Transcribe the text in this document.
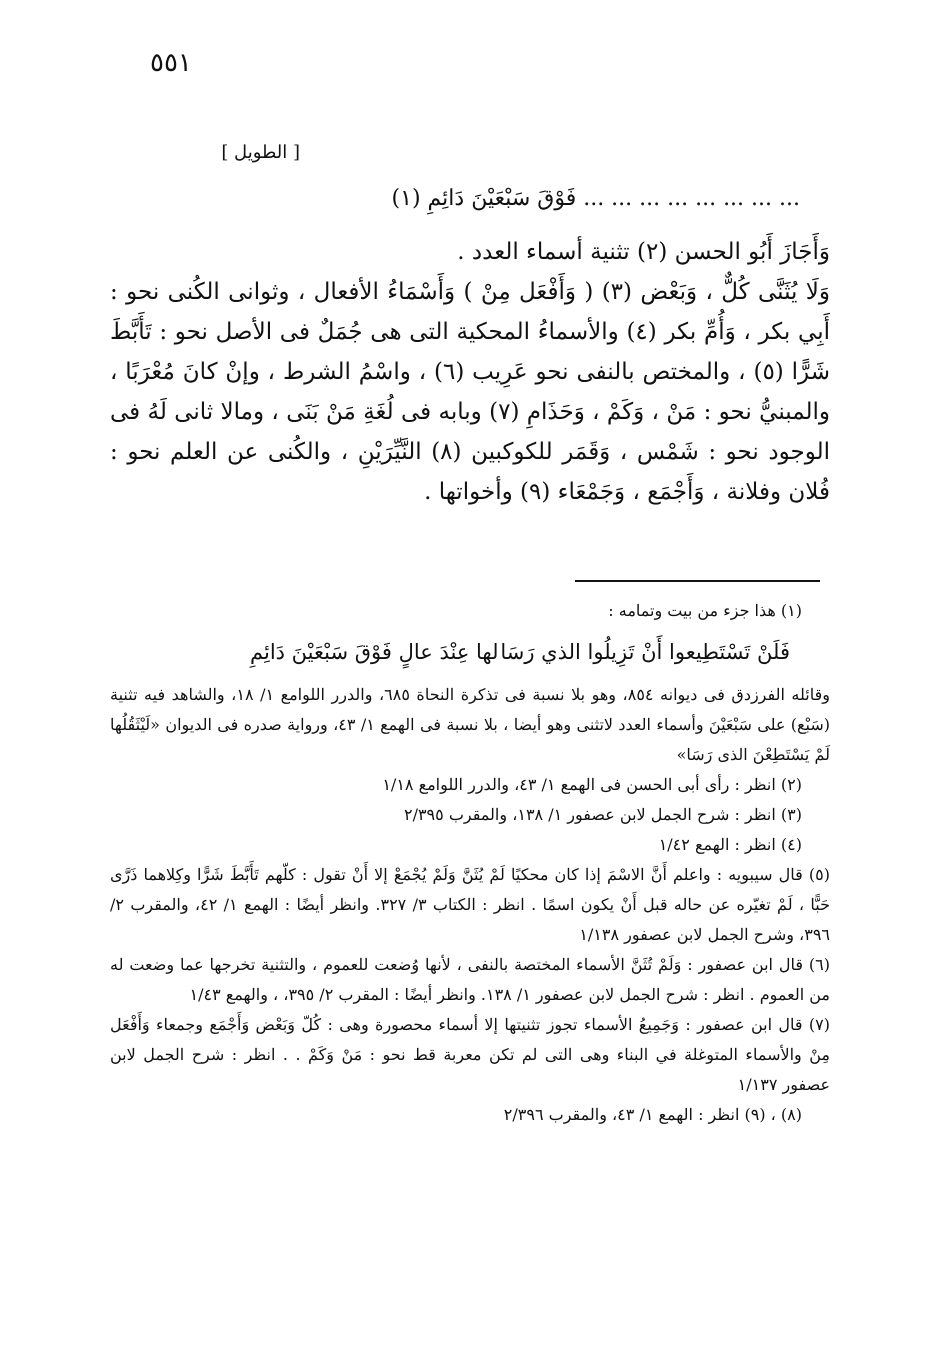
٥٥١
[ الطويل ]
... ... ... ... ... ... ... ... فَوْقَ سَبْعَيْنَ دَائِمِ (١)

وَأَجَازَ أَبُو الحسن (٢) تثنية أسماء العدد .

وَلَا يُثَنَّى كُلٌّ ، وَبَعْض (٣) ( وَأَفْعَل مِنْ ) وَأَسْمَاءُ الأفعال ، وثوانى الكُنى نحو : أَبِي بكر ، وَأُمِّ بكر (٤) والأسماءُ المحكية التى هى جُمَلٌ فى الأصل نحو : تَأَبَّطَ شَرًّا (٥) ، والمختص بالنفى نحو عَرِيب (٦) ، واسْمُ الشرط ، وإنْ كانَ مُعْرَبًا ، والمبنيُّ نحو : مَنْ ، وَكَمْ ، وَحَذَامِ (٧) وبابه فى لُغَةِ مَنْ بَنَى ، ومالا ثانى لَهُ فى الوجود نحو : شَمْس ، وَقَمَر للكوكبين (٨) النَّيِّرَيْنِ ، والكُنى عن العلم نحو : فُلان وفلانة ، وَأَجْمَع ، وَجَمْعَاء (٩) وأخواتها .

(١) هذا جزء من بيت وتمامه :

فَلَنْ تَسْتَطِيعوا أَنْ تَزِيلُوا الذي رَسَا
لها عِنْدَ عالٍ فَوْقَ سَبْعَيْنَ دَائِمِ

وقائله الفرزدق فى ديوانه ٨٥٤، وهو بلا نسبة فى تذكرة النحاة ٦٨٥، والدرر اللوامع ١/ ١٨، والشاهد فيه تثنية (سَبْع) على سَبْعَيْنَ وأسماء العدد لاتثنى وهو أيضا ، بلا نسبة فى الهمع ١/ ٤٣، ورواية صدره فى الديوان «لَيْثَقُلُها لَمْ يَسْتَطِعْنَ الذى رَسَا»

(٢) انظر : رأى أبى الحسن فى الهمع ١/ ٤٣، والدرر اللوامع ١/١٨

(٣) انظر : شرح الجمل لابن عصفور ١/ ١٣٨، والمقرب ٢/٣٩٥

(٤) انظر : الهمع ١/٤٢

(٥) قال سيبويه : واعلم أَنَّ الاسْمَ إذا كان محكيًا لَمْ يُثَنَّ وَلَمْ يُجْمَعْ إلا أَنْ تقول : كلّهم تَأَبَّطَ شَرًّا وكِلاهما ذَرَّى حَبًّا ، لَمْ تغيّره عن حاله قبل أَنْ يكون اسمًا . انظر : الكتاب ٣/ ٣٢٧. وانظر أيضًا : الهمع ١/ ٤٢، والمقرب ٢/ ٣٩٦، وشرح الجمل لابن عصفور ١/١٣٨

(٦) قال ابن عصفور : وَلَمْ تُثَنَّ الأسماء المختصة بالنفى ، لأنها وُضعت للعموم ، والتثنية تخرجها عما وضعت له من العموم . انظر : شرح الجمل لابن عصفور ١/ ١٣٨. وانظر أيضًا : المقرب ٢/ ٣٩٥، ، والهمع ١/٤٣

(٧) قال ابن عصفور : وَجَمِيعُ الأسماء تجوز تثنيتها إلا أسماء محصورة وهى : كُلّ وَبَعْض وَأَجْمَع وجمعاء وَأَفْعَل مِنْ والأسماء المتوغلة في البناء وهى التى لم تكن معربة قط نحو : مَنْ وَكَمْ . . انظر : شرح الجمل لابن عصفور ١/١٣٧

(٨) ، (٩) انظر : الهمع ١/ ٤٣، والمقرب ٢/٣٩٦
